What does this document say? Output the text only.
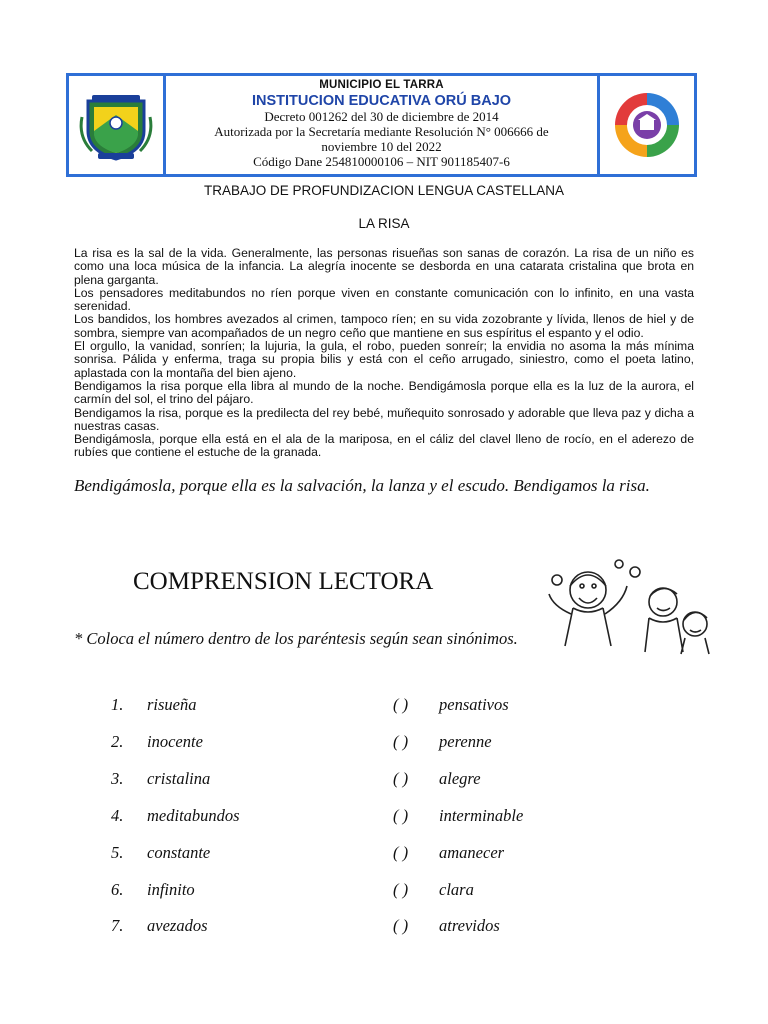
MUNICIPIO EL TARRA
INSTITUCION EDUCATIVA ORÚ BAJO
Decreto 001262 del 30 de diciembre de 2014
Autorizada por la Secretaría mediante Resolución N° 006666 de
noviembre 10 del 2022
Código Dane 254810000106 – NIT 901185407-6
TRABAJO DE PROFUNDIZACION LENGUA CASTELLANA
LA RISA

La risa es la sal de la vida. Generalmente, las personas risueñas son sanas de corazón. La risa de un niño es como una loca música de la infancia. La alegría inocente se desborda en una catarata cristalina que brota en plena garganta.

Los pensadores meditabundos no ríen porque viven en constante comunicación con lo infinito, en una vasta serenidad.

Los bandidos, los hombres avezados al crimen, tampoco ríen; en su vida zozobrante y lívida, llenos de hiel y de sombra, siempre van acompañados de un negro ceño que mantiene en sus espíritus el espanto y el odio.

El orgullo, la vanidad, sonríen; la lujuria, la gula, el robo, pueden sonreír; la envidia no asoma la más mínima sonrisa. Pálida y enferma, traga su propia bilis y está con el ceño arrugado, siniestro, como el poeta latino, aplastada con la montaña del bien ajeno.

Bendigamos la risa porque ella libra al mundo de la noche. Bendigámosla porque ella es la luz de la aurora, el carmín del sol, el trino del pájaro.

Bendigamos la risa, porque es la predilecta del rey bebé, muñequito sonrosado y adorable que lleva paz y dicha a nuestras casas.

Bendigámosla, porque ella está en el ala de la mariposa, en el cáliz del clavel lleno de rocío, en el aderezo de rubíes que contiene el estuche de la granada.

Bendigámosla, porque ella es la salvación, la lanza y el escudo. Bendigamos la risa.
COMPRENSION LECTORA
* Coloca el número dentro de los paréntesis según sean sinónimos.
1. risueña	( ) pensativos
2. inocente	( ) perenne
3. cristalina	( ) alegre
4. meditabundos	( ) interminable
5. constante	( ) amanecer
6. infinito	( ) clara
7. avezados	( ) atrevidos
